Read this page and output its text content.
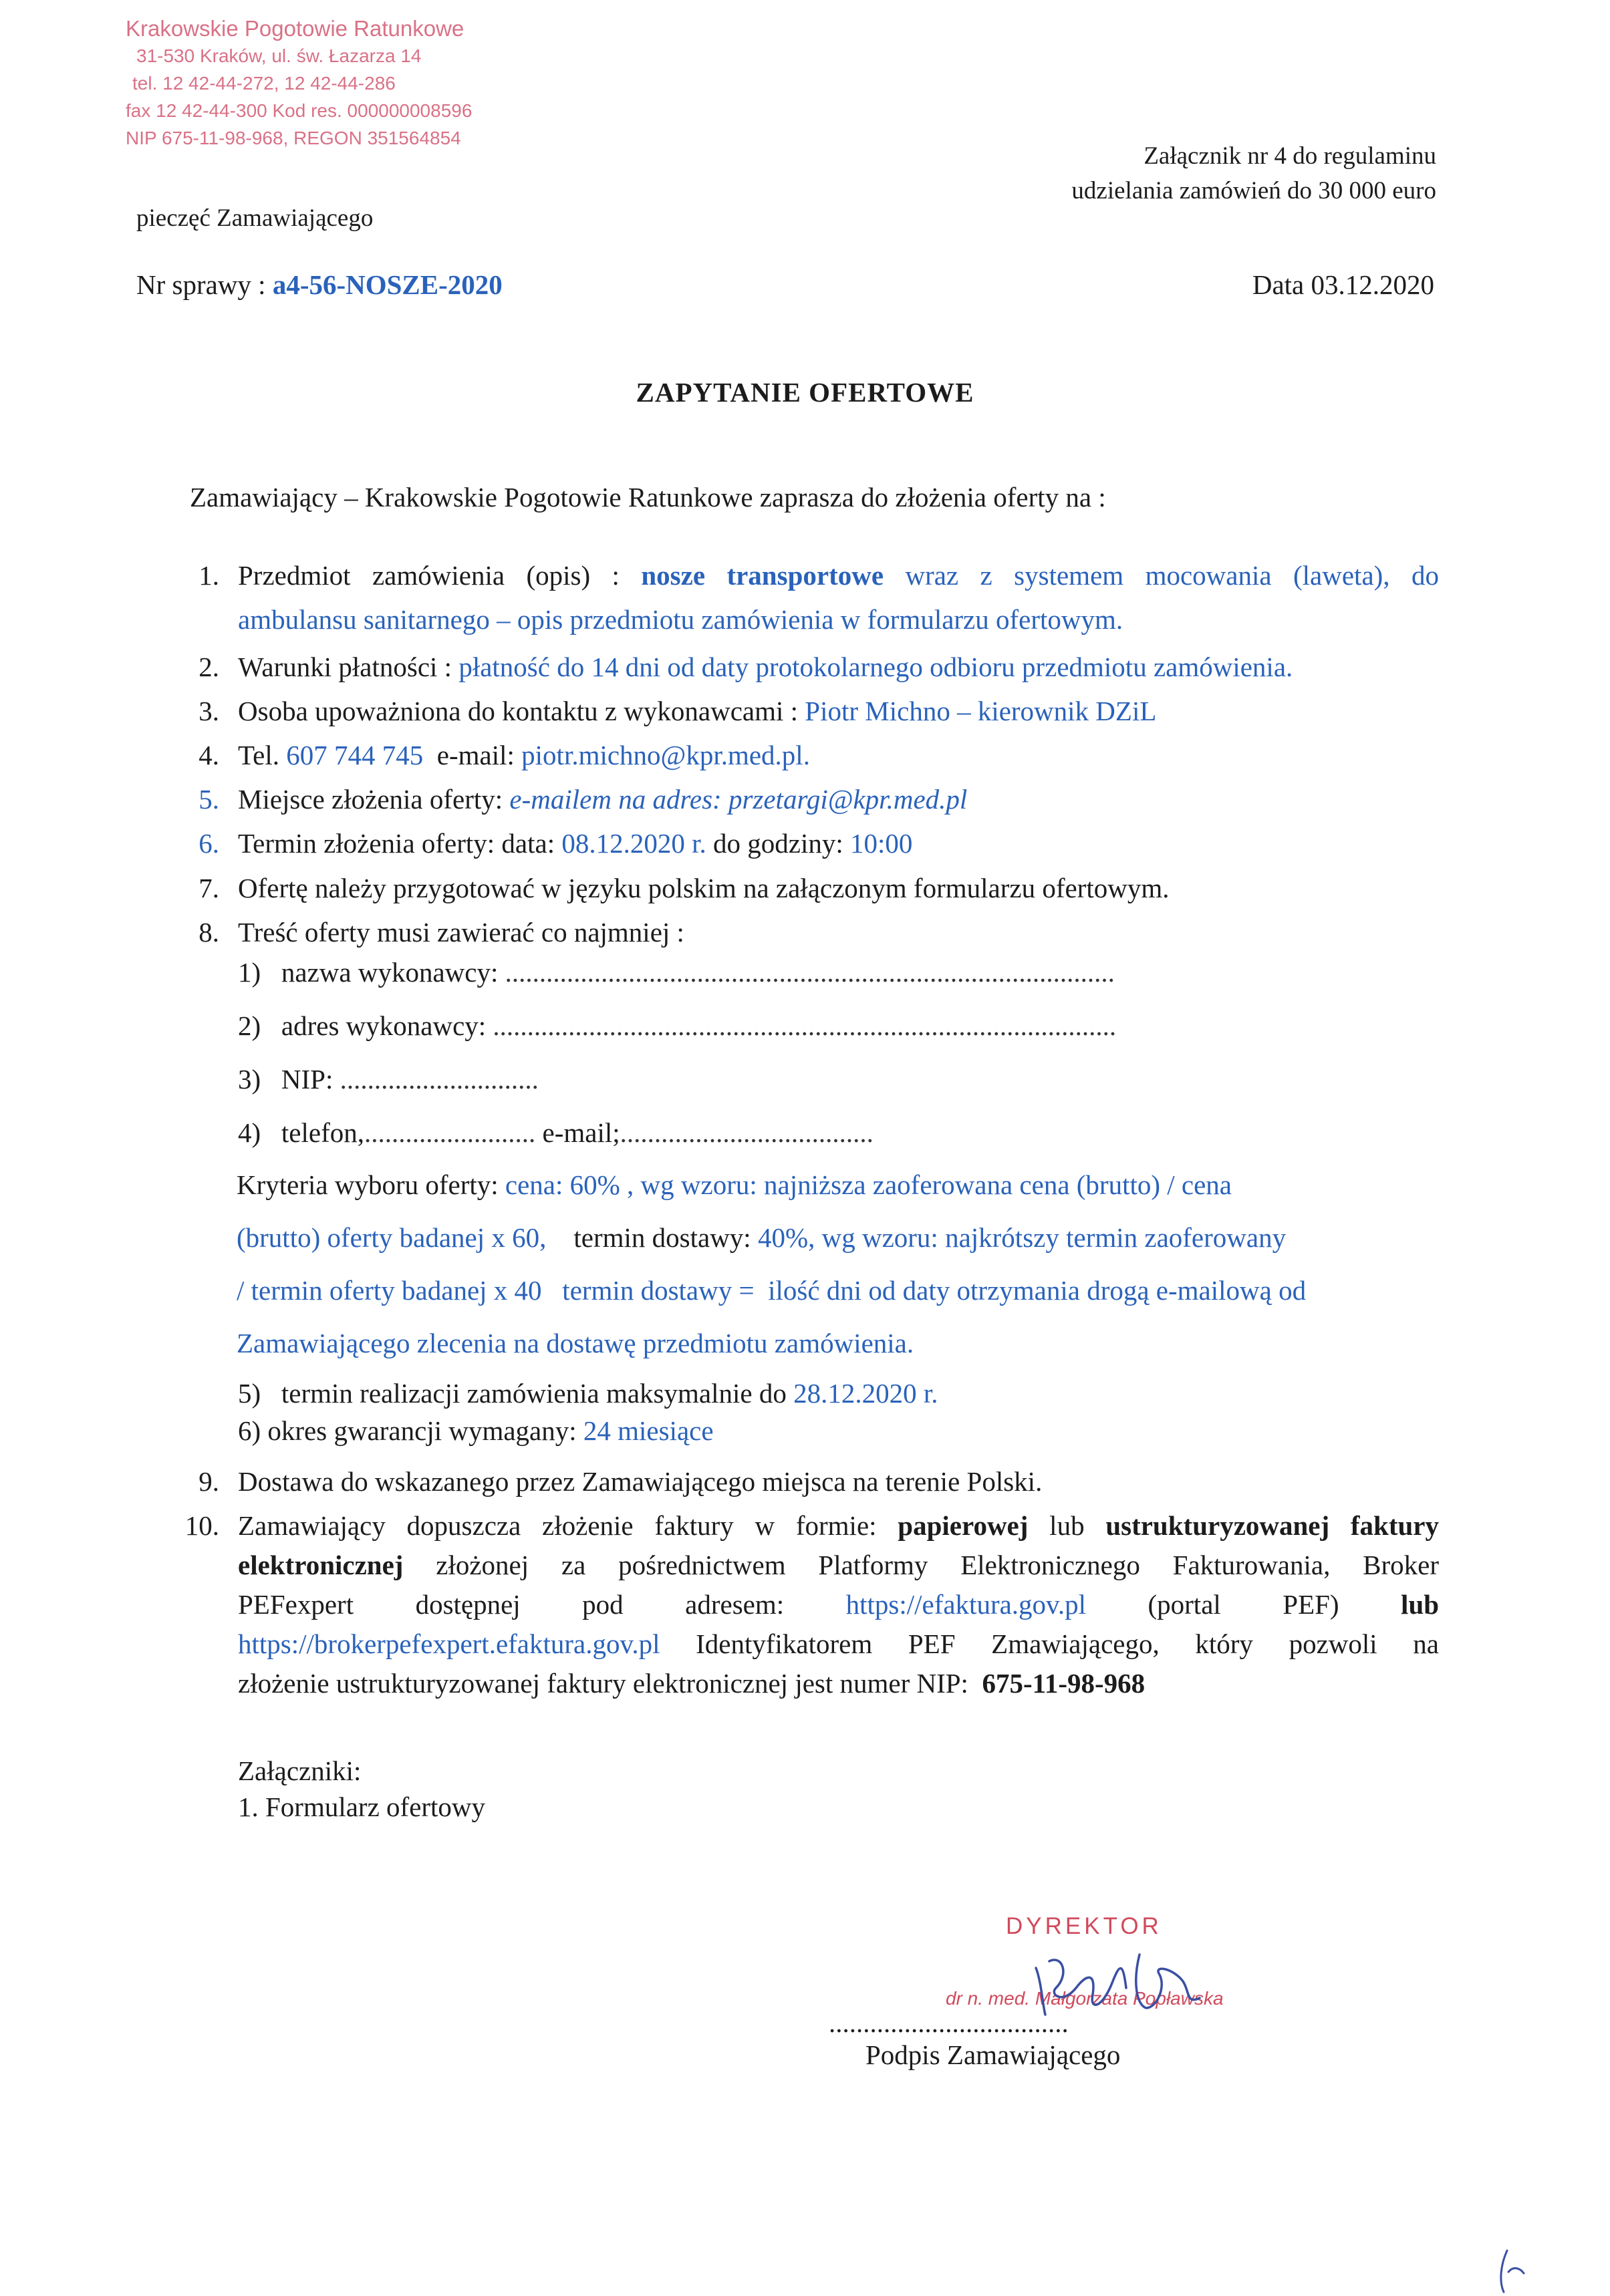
Krakowskie Pogotowie Ratunkowe
31-530 Kraków, ul. św. Łazarza 14
tel. 12 42-44-272, 12 42-44-286
fax 12 42-44-300 Kod res. 000000008596
NIP 675-11-98-968, REGON 351564854
pieczęć Zamawiającego
Załącznik nr 4 do regulaminu
udzielania zamówień do 30 000 euro
Nr sprawy : a4-56-NOSZE-2020	Data 03.12.2020
ZAPYTANIE OFERTOWE
Zamawiający – Krakowskie Pogotowie Ratunkowe zaprasza do złożenia oferty na :
1. Przedmiot zamówienia (opis) : nosze transportowe wraz z systemem mocowania (laweta), do
ambulansu sanitarnego – opis przedmiotu zamówienia w formularzu ofertowym.
2. Warunki płatności : płatność do 14 dni od daty protokolarnego odbioru przedmiotu zamówienia.
3. Osoba upoważniona do kontaktu z wykonawcami : Piotr Michno – kierownik DZiL
4. Tel. 607 744 745 e-mail: piotr.michno@kpr.med.pl.
5. Miejsce złożenia oferty: e-mailem na adres: przetargi@kpr.med.pl
6. Termin złożenia oferty: data: 08.12.2020 r. do godziny: 10:00
7. Ofertę należy przygotować w języku polskim na załączonym formularzu ofertowym.
8. Treść oferty musi zawierać co najmniej :
1) nazwa wykonawcy: .........................................................................................
2) adres wykonawcy: ...........................................................................................
3) NIP: .............................
4) telefon,......................... e-mail;.....................................
Kryteria wyboru oferty: cena: 60% , wg wzoru: najniższa zaoferowana cena (brutto) / cena
(brutto) oferty badanej x 60, termin dostawy: 40%, wg wzoru: najkrótszy termin zaoferowany
/ termin oferty badanej x 40 termin dostawy = ilość dni od daty otrzymania drogą e-mailową od
Zamawiającego zlecenia na dostawę przedmiotu zamówienia.
5) termin realizacji zamówienia maksymalnie do 28.12.2020 r.
6) okres gwarancji wymagany: 24 miesiące
9. Dostawa do wskazanego przez Zamawiającego miejsca na terenie Polski.
10. Zamawiający dopuszcza złożenie faktury w formie: papierowej lub ustrukturyzowanej faktury
elektronicznej złożonej za pośrednictwem Platformy Elektronicznego Fakturowania, Broker
PEFexpert dostępnej pod adresem: https://efaktura.gov.pl (portal PEF) lub
https://brokerpefexpert.efaktura.gov.pl Identyfikatorem PEF Zmawiającego, który pozwoli na
złożenie ustrukturyzowanej faktury elektronicznej jest numer NIP: 675-11-98-968
Załączniki:
1. Formularz ofertowy
DYREKTOR
dr n. med. Małgorzata Popławska
...................................
Podpis Zamawiającego
